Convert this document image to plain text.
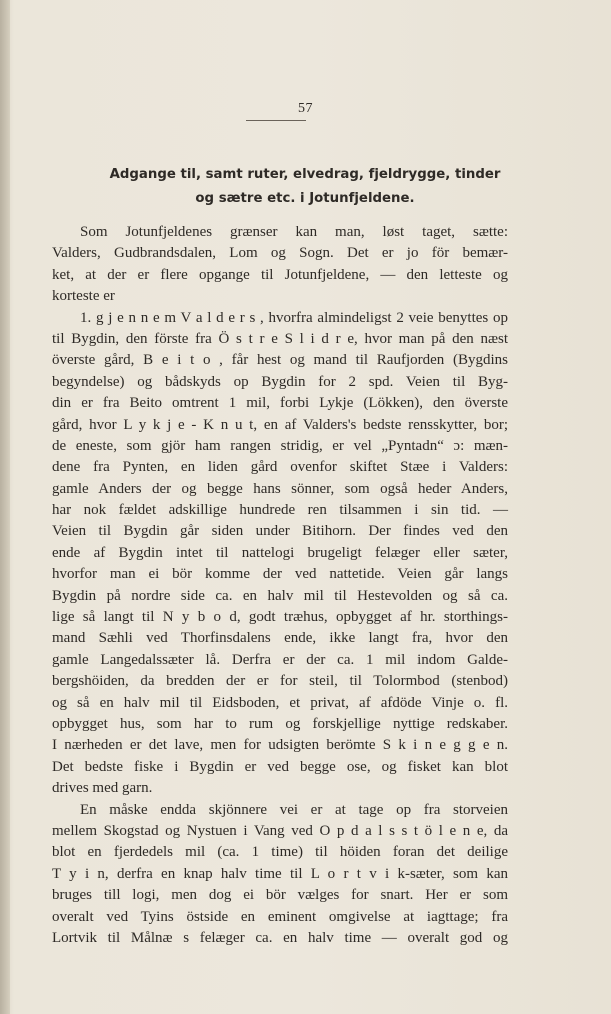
57
Adgange til, samt ruter, elvedrag, fjeldrygge, tinder
og sætre etc. i Jotunfjeldene.
Som Jotunfjeldenes grænser kan man, løst taget, sætte:
Valders, Gudbrandsdalen, Lom og Sogn. Det er jo för bemær-
ket, at der er flere opgange til Jotunfjeldene, — den letteste og
korteste er
1. g j e n n e m V a l d e r s , hvorfra almindeligst 2 veie benyttes op
til Bygdin, den förste fra Ö s t r e S l i d r e, hvor man på den næst
överste gård, B e i t o , får hest og mand til Raufjorden (Bygdins
begyndelse) og bådskyds op Bygdin for 2 spd. Veien til Byg-
din er fra Beito omtrent 1 mil, forbi Lykje (Lökken), den överste
gård, hvor L y k j e - K n u t, en af Valders's bedste rensskytter, bor;
de eneste, som gjör ham rangen stridig, er vel „Pyntadn“ ɔ: mæn-
dene fra Pynten, en liden gård ovenfor skiftet Stæe i Valders:
gamle Anders der og begge hans sönner, som også heder Anders,
har nok fældet adskillige hundrede ren tilsammen i sin tid. —
Veien til Bygdin går siden under Bitihorn. Der findes ved den
ende af Bygdin intet til nattelogi brugeligt felæger eller sæter,
hvorfor man ei bör komme der ved nattetide. Veien går langs
Bygdin på nordre side ca. en halv mil til Hestevolden og så ca.
lige så langt til N y b o d, godt træhus, opbygget af hr. storthings-
mand Sæhli ved Thorfinsdalens ende, ikke langt fra, hvor den
gamle Langedalssæter lå. Derfra er der ca. 1 mil indom Galde-
bergshöiden, da bredden der er for steil, til Tolormbod (stenbod)
og så en halv mil til Eidsboden, et privat, af afdöde Vinje o. fl.
opbygget hus, som har to rum og forskjellige nyttige redskaber.
I nærheden er det lave, men for udsigten berömte S k i n e g g e n.
Det bedste fiske i Bygdin er ved begge ose, og fisket kan blot
drives med garn.
En måske endda skjönnere vei er at tage op fra storveien
mellem Skogstad og Nystuen i Vang ved O p d a l s s t ö l e n e, da
blot en fjerdedels mil (ca. 1 time) til höiden foran det deilige
T y i n, derfra en knap halv time til L o r t v i k-sæter, som kan
bruges till logi, men dog ei bör vælges for snart. Her er som
overalt ved Tyins östside en eminent omgivelse at iagttage; fra
Lortvik til Målnæ s felæger ca. en halv time — overalt god og
